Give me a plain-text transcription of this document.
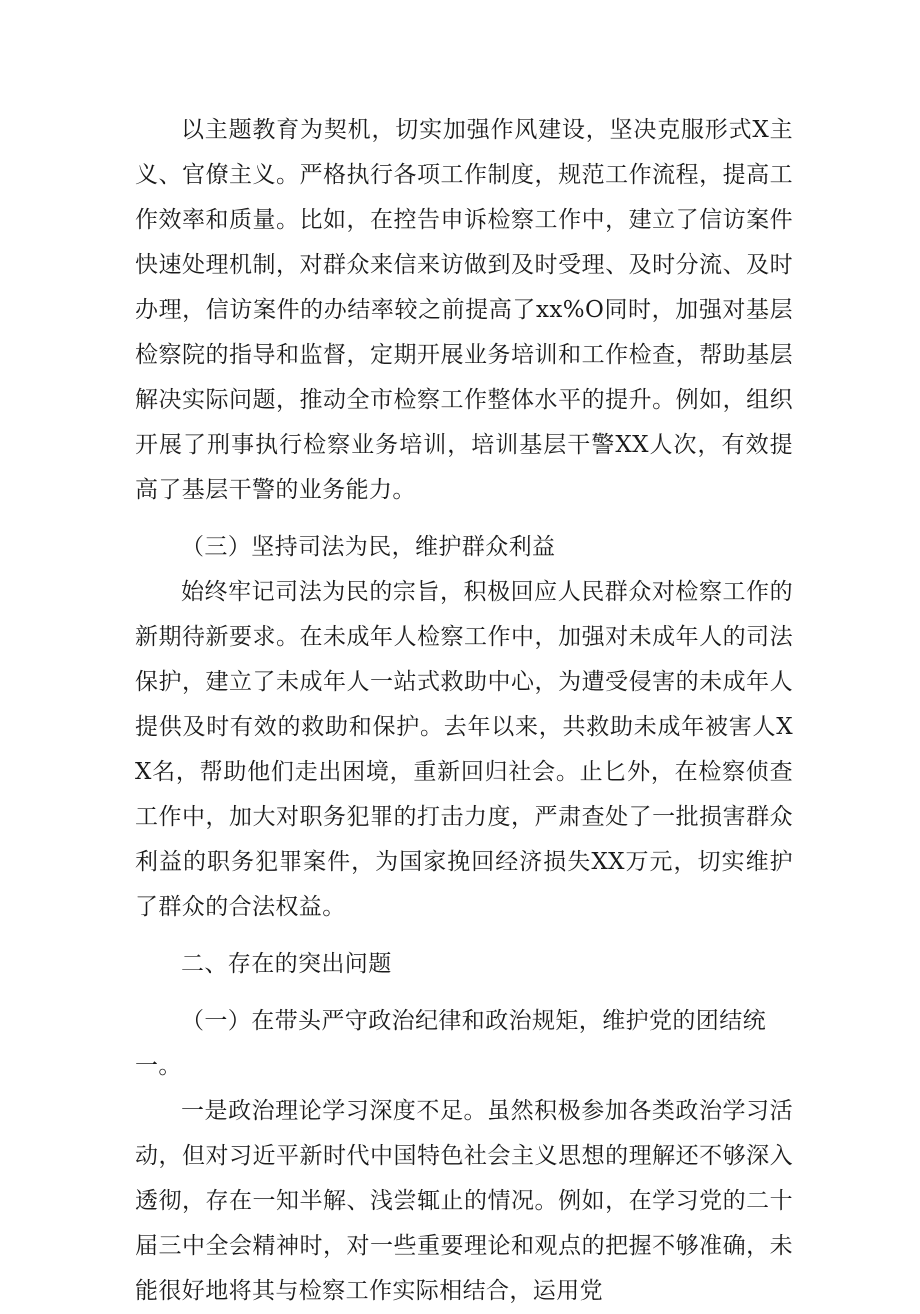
以主题教育为契机，切实加强作风建设，坚决克服形式X主义、官僚主义。严格执行各项工作制度，规范工作流程，提高工作效率和质量。比如，在控告申诉检察工作中，建立了信访案件快速处理机制，对群众来信来访做到及时受理、及时分流、及时办理，信访案件的办结率较之前提高了xx%O同时，加强对基层检察院的指导和监督，定期开展业务培训和工作检查，帮助基层解决实际问题，推动全市检察工作整体水平的提升。例如，组织开展了刑事执行检察业务培训，培训基层干警XX人次，有效提高了基层干警的业务能力。

（三）坚持司法为民，维护群众利益

始终牢记司法为民的宗旨，积极回应人民群众对检察工作的新期待新要求。在未成年人检察工作中，加强对未成年人的司法保护，建立了未成年人一站式救助中心，为遭受侵害的未成年人提供及时有效的救助和保护。去年以来，共救助未成年被害人XX名，帮助他们走出困境，重新回归社会。止匕外，在检察侦查工作中，加大对职务犯罪的打击力度，严肃查处了一批损害群众利益的职务犯罪案件，为国家挽回经济损失XX万元，切实维护了群众的合法权益。

二、存在的突出问题

（一）在带头严守政治纪律和政治规矩，维护党的团结统一。

一是政治理论学习深度不足。虽然积极参加各类政治学习活动，但对习近平新时代中国特色社会主义思想的理解还不够深入透彻，存在一知半解、浅尝辄止的情况。例如，在学习党的二十届三中全会精神时，对一些重要理论和观点的把握不够准确，未能很好地将其与检察工作实际相结合，运用党
